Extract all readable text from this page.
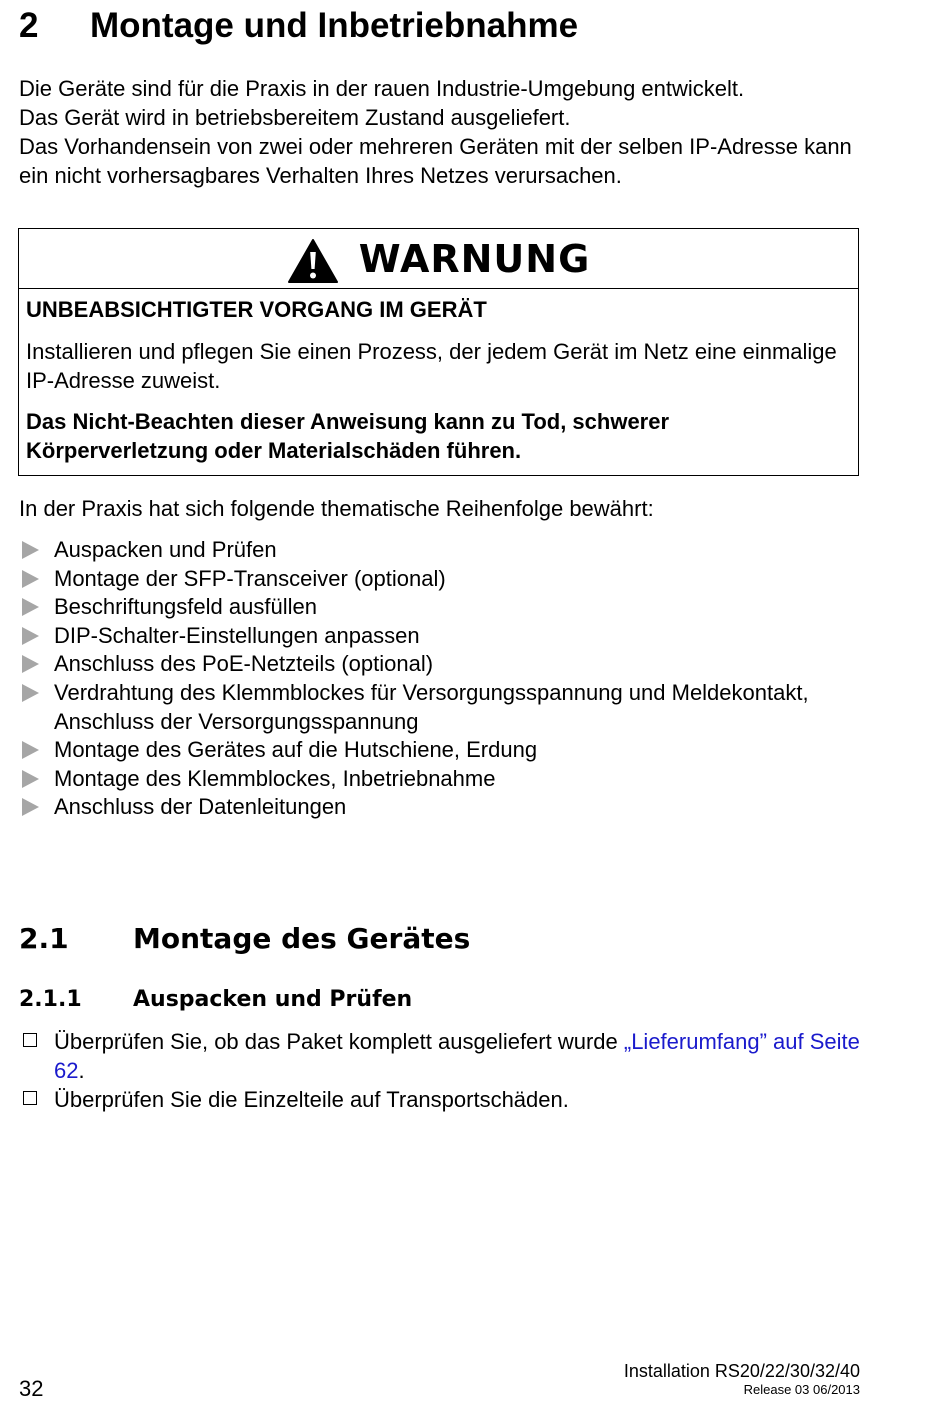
2 Montage und Inbetriebnahme

Die Geräte sind für die Praxis in der rauen Industrie-Umgebung entwickelt.

Das Gerät wird in betriebsbereitem Zustand ausgeliefert.

Das Vorhandensein von zwei oder mehreren Geräten mit der selben IP-Adresse kann ein nicht vorhersagbares Verhalten Ihres Netzes verursachen.

WARNUNG

UNBEABSICHTIGTER VORGANG IM GERÄT

Installieren und pflegen Sie einen Prozess, der jedem Gerät im Netz eine einmalige IP-Adresse zuweist.

Das Nicht-Beachten dieser Anweisung kann zu Tod, schwerer Körperverletzung oder Materialschäden führen.

In der Praxis hat sich folgende thematische Reihenfolge bewährt:

Auspacken und Prüfen
Montage der SFP-Transceiver (optional)
Beschriftungsfeld ausfüllen
DIP-Schalter-Einstellungen anpassen
Anschluss des PoE-Netzteils (optional)
Verdrahtung des Klemmblockes für Versorgungsspannung und Meldekontakt, Anschluss der Versorgungsspannung
Montage des Gerätes auf die Hutschiene, Erdung
Montage des Klemmblockes, Inbetriebnahme
Anschluss der Datenleitungen
2.1 Montage des Gerätes
2.1.1 Auspacken und Prüfen
Überprüfen Sie, ob das Paket komplett ausgeliefert wurde „Lieferumfang” auf Seite 62.
Überprüfen Sie die Einzelteile auf Transportschäden.
32
Installation RS20/22/30/32/40
Release 03 06/2013
